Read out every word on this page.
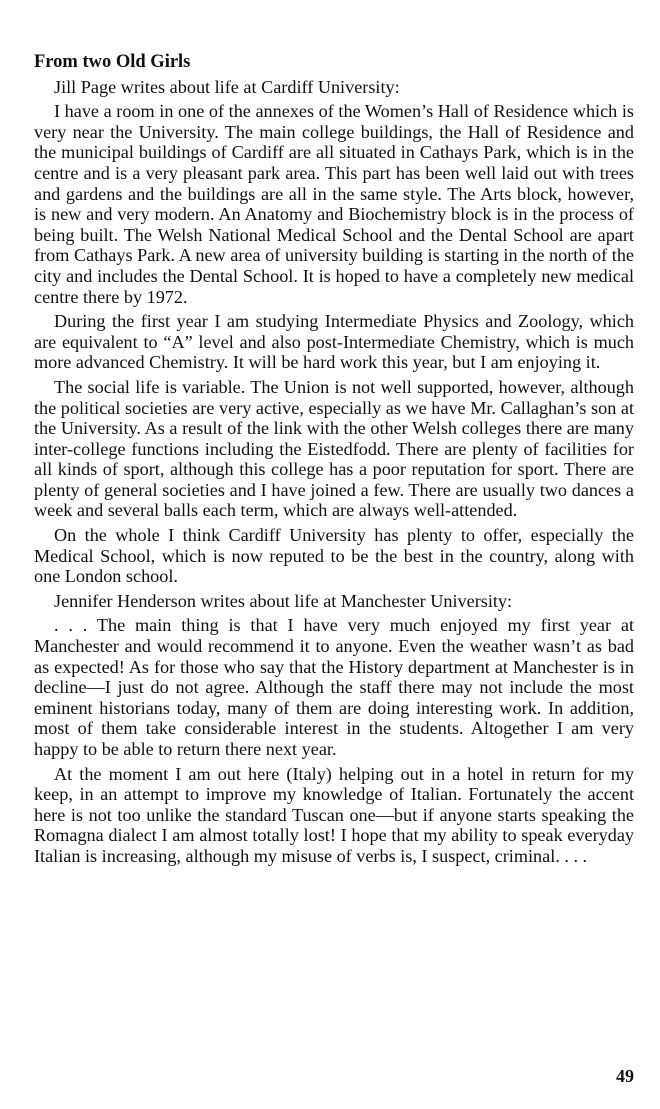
From two Old Girls
Jill Page writes about life at Cardiff University:

I have a room in one of the annexes of the Women’s Hall of Residence which is very near the University. The main college buildings, the Hall of Residence and the municipal buildings of Cardiff are all situated in Cathays Park, which is in the centre and is a very pleasant park area. This part has been well laid out with trees and gardens and the buildings are all in the same style. The Arts block, however, is new and very modern. An Anatomy and Biochemistry block is in the process of being built. The Welsh National Medical School and the Dental School are apart from Cathays Park. A new area of university building is starting in the north of the city and includes the Dental School. It is hoped to have a completely new medical centre there by 1972.

During the first year I am studying Intermediate Physics and Zoology, which are equivalent to “A” level and also post-Intermediate Chemistry, which is much more advanced Chemistry. It will be hard work this year, but I am enjoying it.

The social life is variable. The Union is not well supported, however, although the political societies are very active, especially as we have Mr. Callaghan’s son at the University. As a result of the link with the other Welsh colleges there are many inter-college functions including the Eistedfodd. There are plenty of facilities for all kinds of sport, although this college has a poor reputation for sport. There are plenty of general societies and I have joined a few. There are usually two dances a week and several balls each term, which are always well-attended.

On the whole I think Cardiff University has plenty to offer, especially the Medical School, which is now reputed to be the best in the country, along with one London school.

Jennifer Henderson writes about life at Manchester University:

. . . The main thing is that I have very much enjoyed my first year at Manchester and would recommend it to anyone. Even the weather wasn’t as bad as expected! As for those who say that the History department at Manchester is in decline—I just do not agree. Although the staff there may not include the most eminent historians today, many of them are doing interesting work. In addition, most of them take considerable interest in the students. Altogether I am very happy to be able to return there next year.

At the moment I am out here (Italy) helping out in a hotel in return for my keep, in an attempt to improve my knowledge of Italian. Fortunately the accent here is not too unlike the standard Tuscan one—but if anyone starts speaking the Romagna dialect I am almost totally lost! I hope that my ability to speak everyday Italian is increasing, although my misuse of verbs is, I suspect, criminal. . . .

49
